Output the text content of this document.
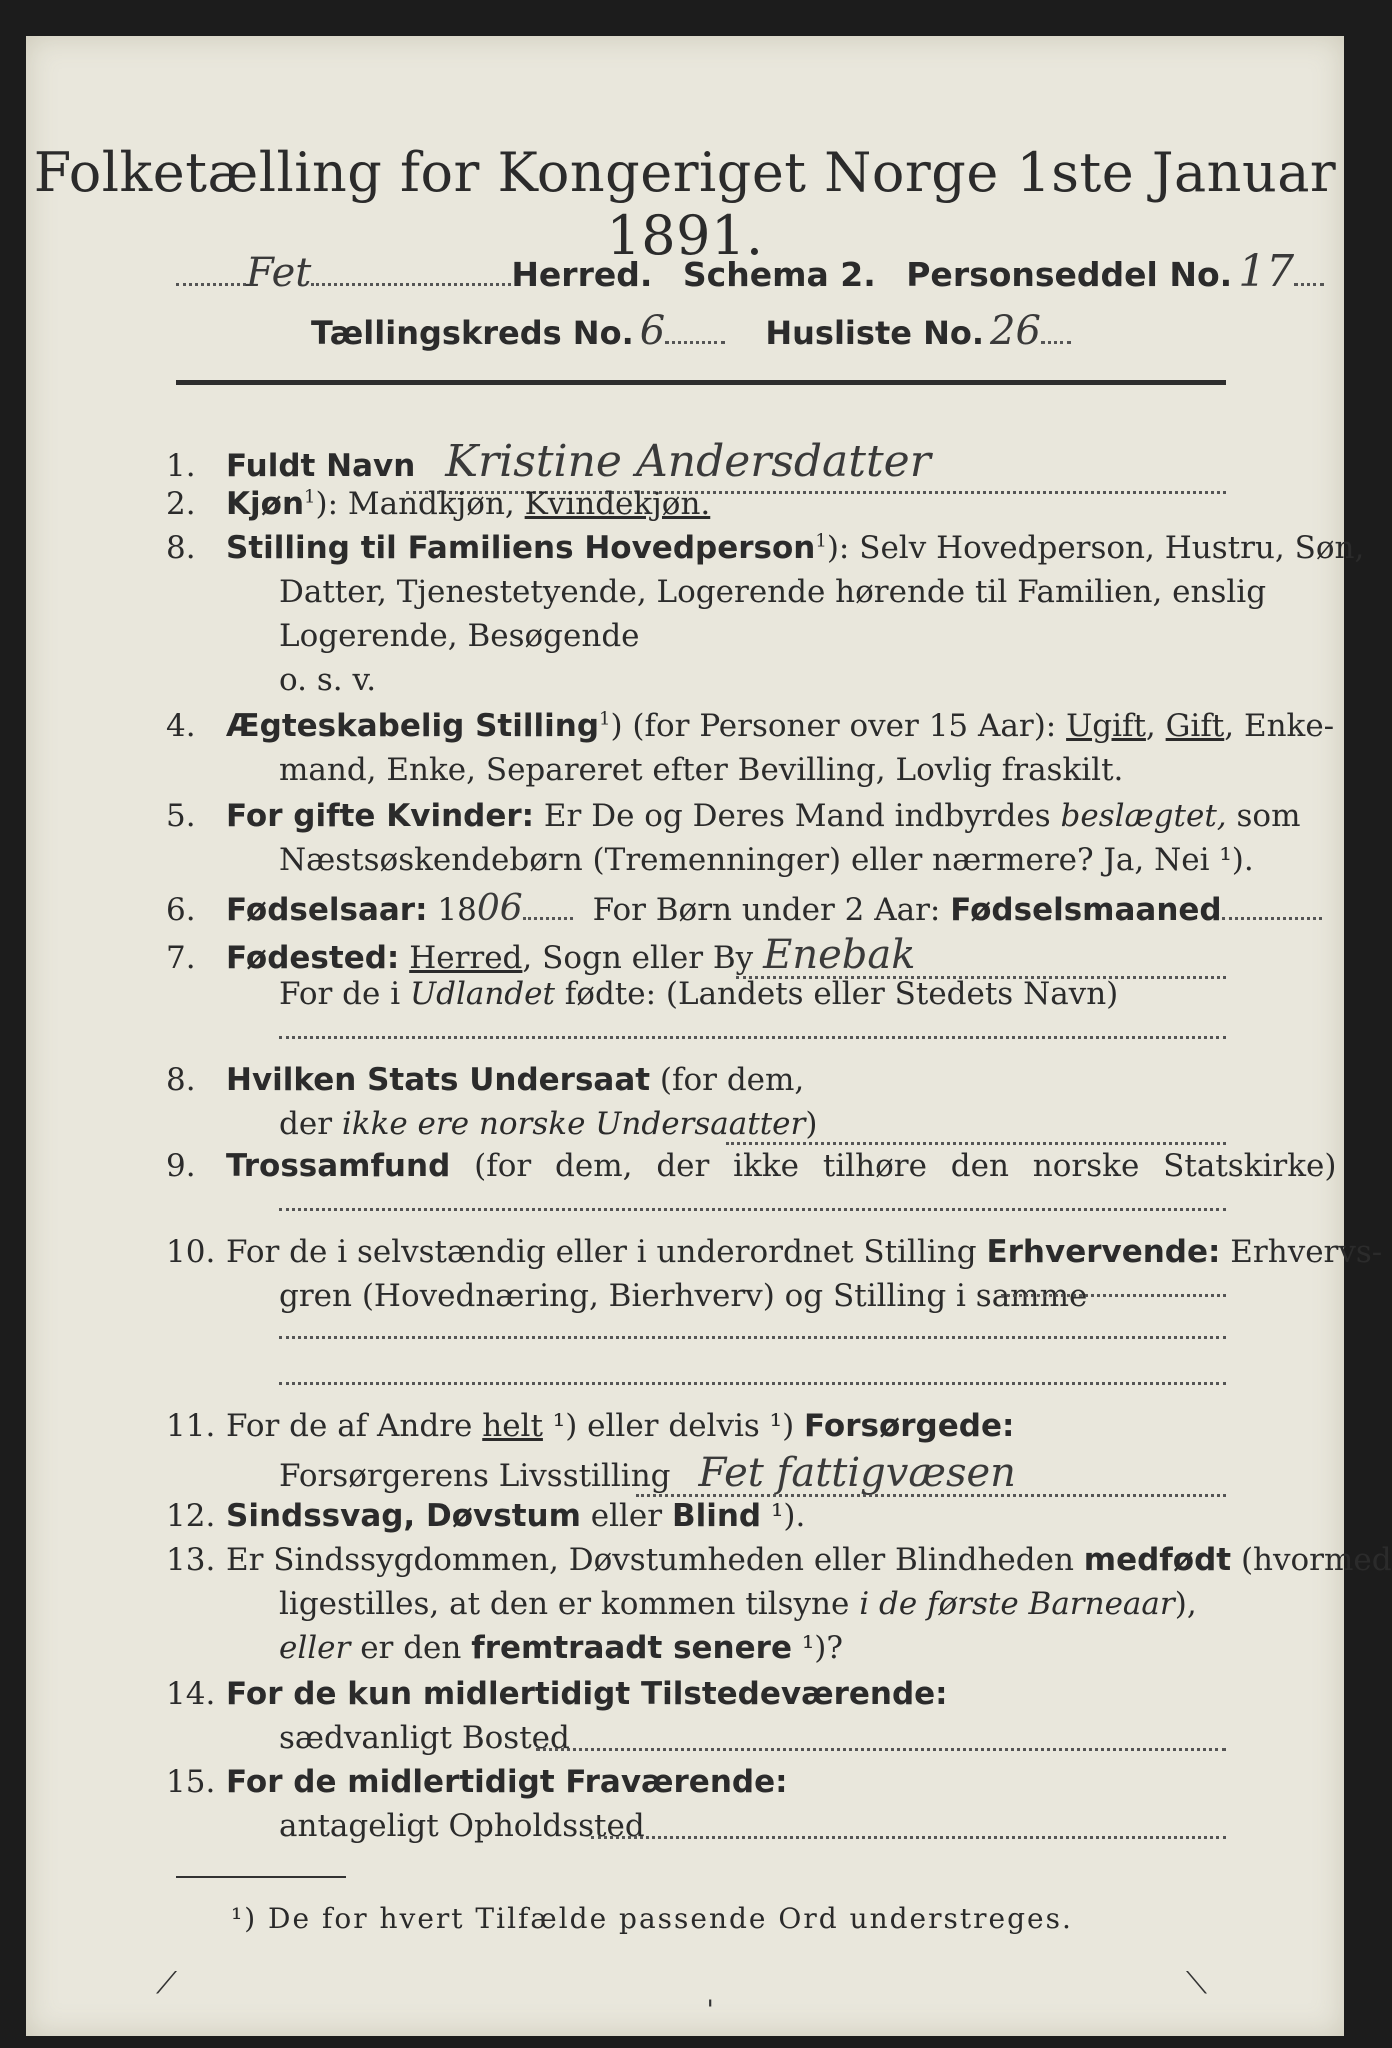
Folketælling for Kongeriget Norge 1ste Januar 1891.
Fet	Herred. Schema 2. Personseddel No. 17
Tællingskreds No. 6	Husliste No. 26
1. Fuldt Navn Kristine Andersdatter
2. Kjøn$^1$): Mandkjøn, Kvindekjøn.
8. Stilling til Familiens Hovedperson$^1$): Selv Hovedperson, Hustru, Søn,
Datter, Tjenestetyende, Logerende hørende til Familien, enslig
Logerende, Besøgende
o. s. v.
4. Ægteskabelig Stilling$^1$) (for Personer over 15 Aar): Ugift, Gift, Enke-
mand, Enke, Separeret efter Bevilling, Lovlig fraskilt.
5. For gifte Kvinder: Er De og Deres Mand indbyrdes beslægtet, som
Næstsøskendebørn (Tremenninger) eller nærmere? Ja, Nei ¹).
6. Fødselsaar: 1806 For Børn under 2 Aar: Fødselsmaaned
7. Fødested: Herred, Sogn eller By Enebak
For de i Udlandet fødte: (Landets eller Stedets Navn)
8. Hvilken Stats Undersaat (for dem,
der ikke ere norske Undersaatter)
9. Trossamfund (for dem, der ikke tilhøre den norske Statskirke)
10. For de i selvstændig eller i underordnet Stilling Erhvervende: Erhvervs-
gren (Hovednæring, Bierhverv) og Stilling i samme
11. For de af Andre helt ¹) eller delvis ¹) Forsørgede:
Forsørgerens Livsstilling Fet fattigvæsen
12. Sindssvag, Døvstum eller Blind ¹).
13. Er Sindssygdommen, Døvstumheden eller Blindheden medfødt (hvormed
ligestilles, at den er kommen tilsyne i de første Barneaar),
eller er den fremtraadt senere ¹)?
14. For de kun midlertidigt Tilstedeværende:
sædvanligt Bosted
15. For de midlertidigt Fraværende:
antageligt Opholdssted
¹) De for hvert Tilfælde passende Ord understreges.
⟋	ˌ	⟍
